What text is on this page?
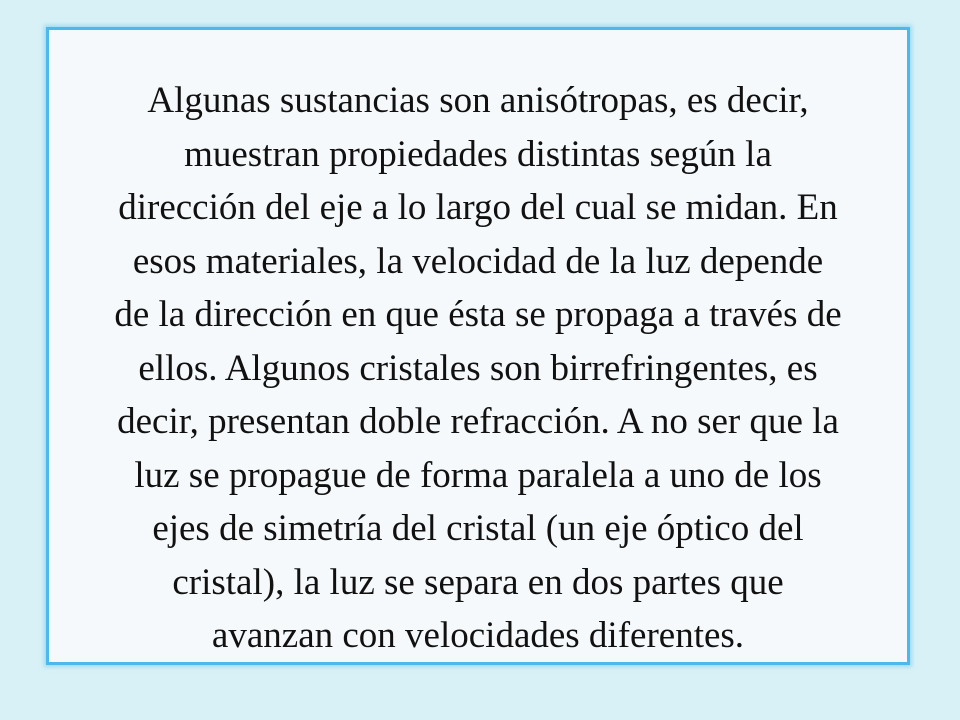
Algunas sustancias son anisótropas, es decir,
muestran propiedades distintas según la
dirección del eje a lo largo del cual se midan. En
esos materiales, la velocidad de la luz depende
de la dirección en que ésta se propaga a través de
ellos. Algunos cristales son birrefringentes, es
decir, presentan doble refracción. A no ser que la
luz se propague de forma paralela a uno de los
ejes de simetría del cristal (un eje óptico del
cristal), la luz se separa en dos partes que
avanzan con velocidades diferentes.
